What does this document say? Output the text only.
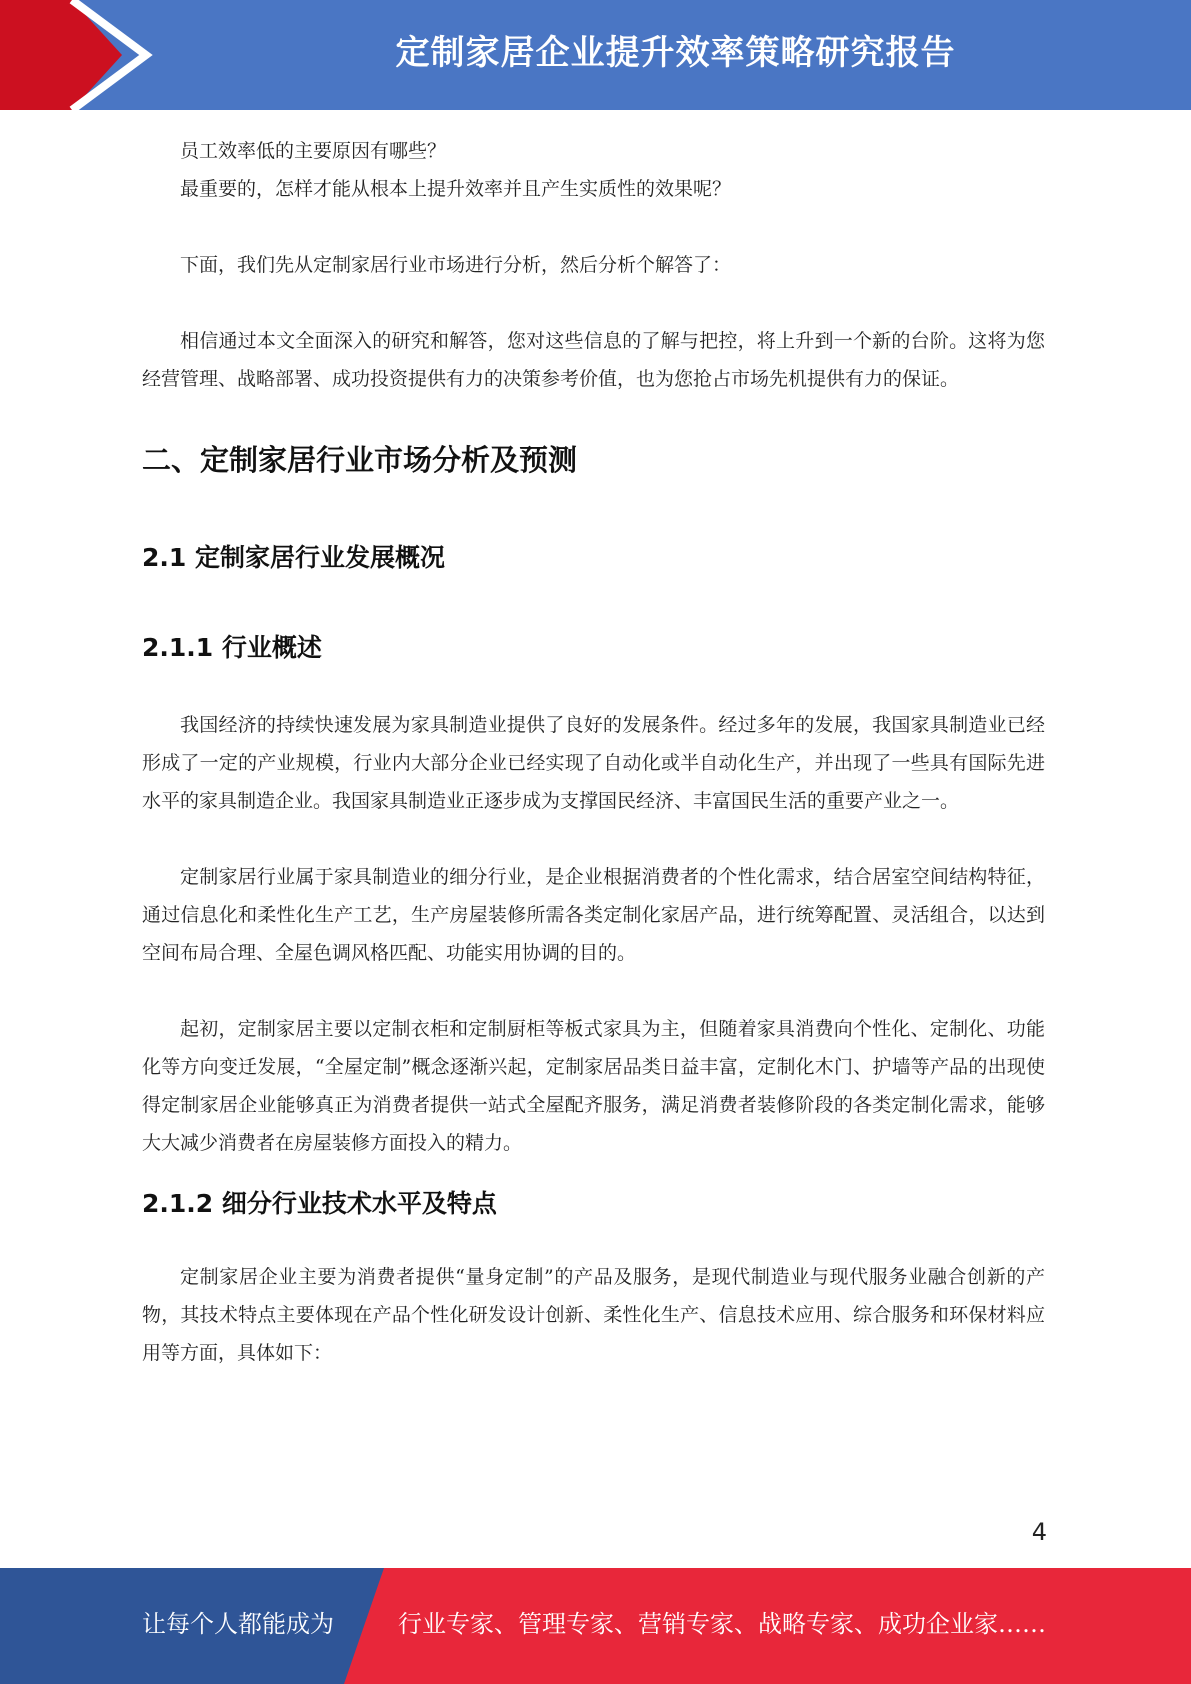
定制家居企业提升效率策略研究报告

员工效率低的主要原因有哪些？

最重要的，怎样才能从根本上提升效率并且产生实质性的效果呢？

下面，我们先从定制家居行业市场进行分析，然后分析个解答了：

相信通过本文全面深入的研究和解答，您对这些信息的了解与把控，将上升到一个新的台阶。这将为您经营管理、战略部署、成功投资提供有力的决策参考价值，也为您抢占市场先机提供有力的保证。

二、定制家居行业市场分析及预测
2.1 定制家居行业发展概况
2.1.1 行业概述

我国经济的持续快速发展为家具制造业提供了良好的发展条件。经过多年的发展，我国家具制造业已经形成了一定的产业规模，行业内大部分企业已经实现了自动化或半自动化生产，并出现了一些具有国际先进水平的家具制造企业。我国家具制造业正逐步成为支撑国民经济、丰富国民生活的重要产业之一。

定制家居行业属于家具制造业的细分行业，是企业根据消费者的个性化需求，结合居室空间结构特征，通过信息化和柔性化生产工艺，生产房屋装修所需各类定制化家居产品，进行统筹配置、灵活组合，以达到空间布局合理、全屋色调风格匹配、功能实用协调的目的。

起初，定制家居主要以定制衣柜和定制厨柜等板式家具为主，但随着家具消费向个性化、定制化、功能化等方向变迁发展，“全屋定制”概念逐渐兴起，定制家居品类日益丰富，定制化木门、护墙等产品的出现使得定制家居企业能够真正为消费者提供一站式全屋配齐服务，满足消费者装修阶段的各类定制化需求，能够大大减少消费者在房屋装修方面投入的精力。

2.1.2 细分行业技术水平及特点

定制家居企业主要为消费者提供“量身定制”的产品及服务，是现代制造业与现代服务业融合创新的产物，其技术特点主要体现在产品个性化研发设计创新、柔性化生产、信息技术应用、综合服务和环保材料应用等方面，具体如下：

4
让每个人都能成为	行业专家、管理专家、营销专家、战略专家、成功企业家……
